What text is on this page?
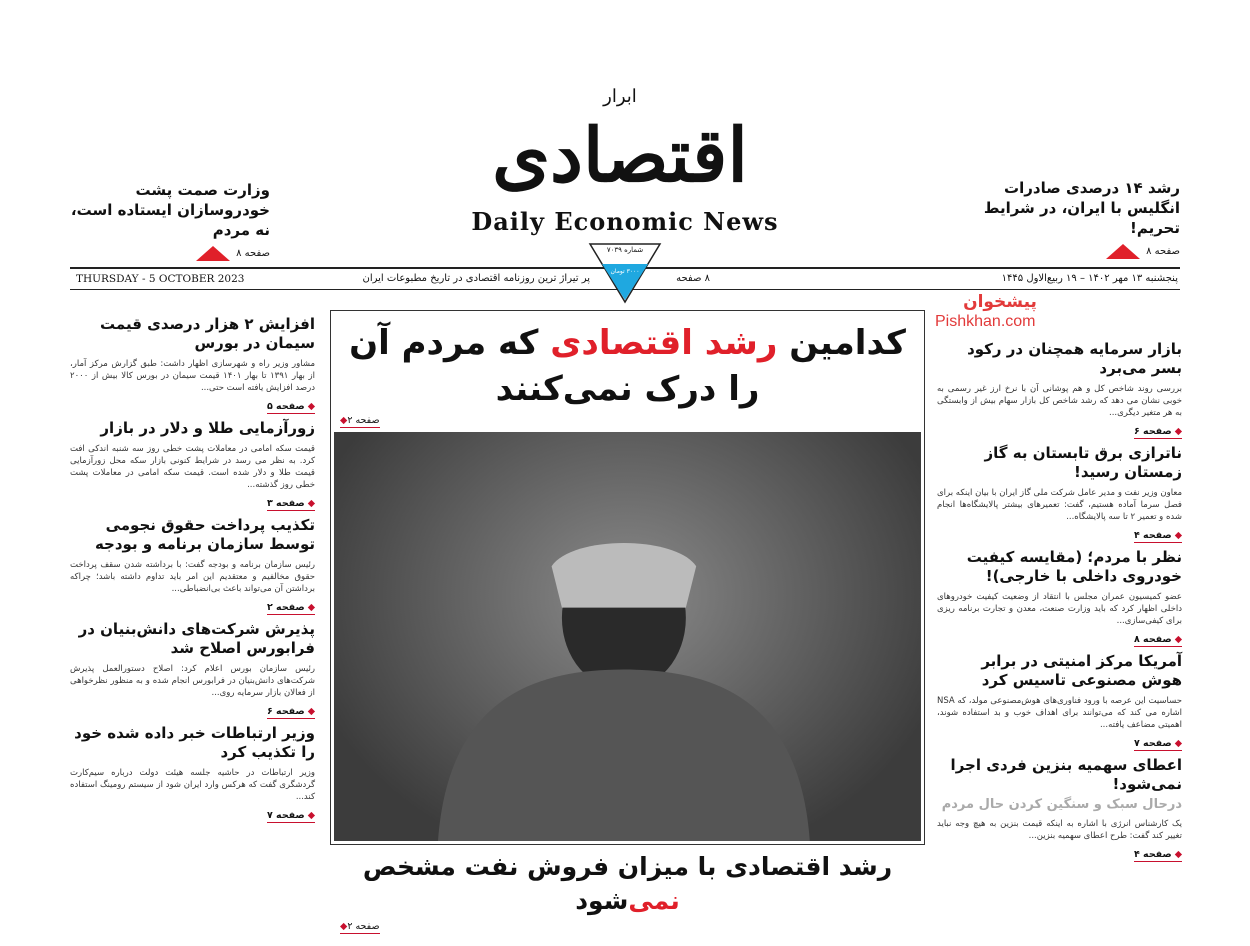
ابرار
اقتصادی
Daily Economic News
رشد ۱۴ درصدی صادرات انگلیس با ایران، در شرایط تحریم!
صفحه ۸
وزارت صمت پشت خودروسازان ایستاده است، نه مردم
صفحه ۸
THURSDAY - 5 OCTOBER 2023	پر تیراژ ترین روزنامه اقتصادی در تاریخ مطبوعات ایران	۸ صفحه	پنجشنبه ۱۳ مهر ۱۴۰۲ – ۱۹ ربیع‌الاول ۱۴۴۵
شماره ۷۰۳۹
۳۰۰۰ تومان
پیشخوان
Pishkhan.com
کدامین رشد اقتصادی که مردم آن را درک نمی‌کنند
صفحه ۲◆
رشد اقتصادی با میزان فروش نفت مشخص نمی‌شود
صفحه ۲◆
افزایش ۲ هزار درصدی قیمت سیمان در بورس

مشاور وزیر راه و شهرسازی اظهار داشت: طبق گزارش مرکز آمار، از بهار ۱۳۹۱ تا بهار ۱۴۰۱ قیمت سیمان در بورس کالا بیش از ۲۰۰۰ درصد افزایش یافته است حتی...

◆صفحه ۵
زورآزمایی طلا و دلار در بازار

قیمت سکه امامی در معاملات پشت خطی روز سه شنبه اندکی افت کرد. به نظر می رسد در شرایط کنونی بازار سکه محل زورآزمایی قیمت طلا و دلار شده است. قیمت سکه امامی در معاملات پشت خطی روز گذشته...

◆صفحه ۳
تکذیب پرداخت حقوق نجومی توسط سازمان برنامه و بودجه

رئیس سازمان برنامه و بودجه گفت: با برداشته شدن سقف پرداخت حقوق مخالفیم و معتقدیم این امر باید تداوم داشته باشد؛ چراکه برداشتن آن می‌تواند باعث بی‌انضباطی...

◆صفحه ۲
پذیرش شرکت‌های دانش‌بنیان در فرابورس اصلاح شد

رئیس سازمان بورس اعلام کرد: اصلاح دستورالعمل پذیرش شرکت‌های دانش‌بنیان در فرابورس انجام شده و به منظور نظرخواهی از فعالان بازار سرمایه روی...

◆صفحه ۶
وزیر ارتباطات خبر داده شده خود را تکذیب کرد

وزیر ارتباطات در حاشیه جلسه هیئت دولت درباره سیم‌کارت گردشگری گفت که هرکس وارد ایران شود از سیستم رومینگ استفاده کند...

◆صفحه ۷
بازار سرمایه همچنان در رکود بسر می‌برد

بررسی روند شاخص کل و هم پوشانی آن با نرخ ارز غیر رسمی به خوبی نشان می دهد که رشد شاخص کل بازار سهام بیش از وابستگی به هر متغیر دیگری...

◆صفحه ۶
ناترازی برق تابستان به گاز زمستان رسید!

معاون وزیر نفت و مدیر عامل شرکت ملی گاز ایران با بیان اینکه برای فصل سرما آماده هستیم، گفت: تعمیرهای بیشتر پالایشگاه‌ها انجام شده و تعمیر ۲ تا سه پالایشگاه...

◆صفحه ۴
نظر با مردم؛ (مقایسه کیفیت خودروی داخلی با خارجی)!

عضو کمیسیون عمران مجلس با انتقاد از وضعیت کیفیت خودروهای داخلی اظهار کرد که باید وزارت صنعت، معدن و تجارت برنامه ریزی برای کیفی‌سازی...

◆صفحه ۸
آمریکا مرکز امنیتی در برابر هوش مصنوعی تاسیس کرد

حساسیت این عرصه با ورود فناوری‌های هوش‌مصنوعی مولد، که NSA اشاره می کند که می‌توانند برای اهداف خوب و بد استفاده شوند، اهمیتی مضاعف یافته...

◆صفحه ۷
اعطای سهمیه بنزین فردی اجرا نمی‌شود!
درحال سبک و سنگین کردن حال مردم

یک کارشناس انرژی با اشاره به اینکه قیمت بنزین به هیچ وجه نباید تغییر کند گفت: طرح اعطای سهمیه بنزین...

◆صفحه ۴
